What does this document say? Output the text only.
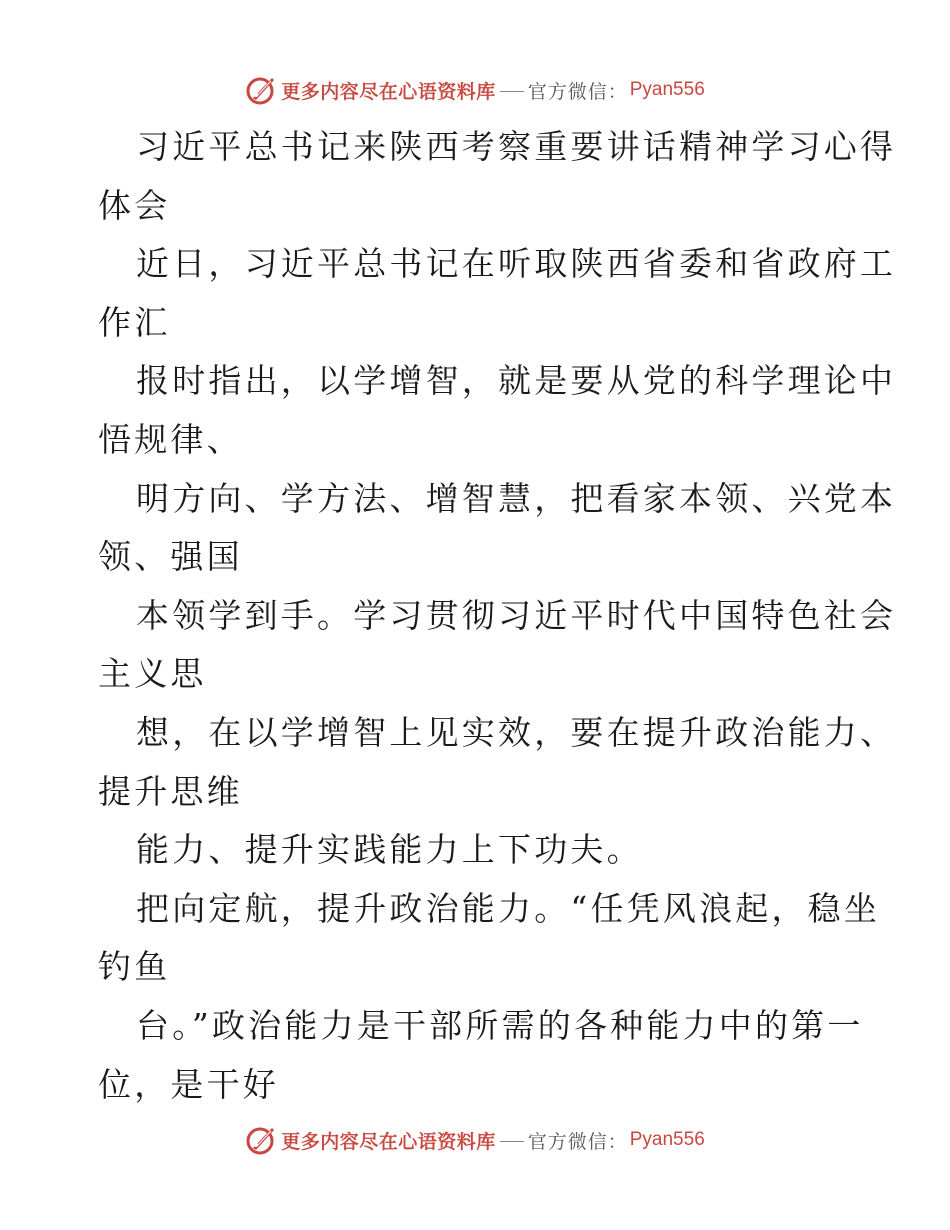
更多内容尽在心语资料库 官方微信： Pyan556
习近平总书记来陕西考察重要讲话精神学习心得
体会
近日，习近平总书记在听取陕西省委和省政府工
作汇
报时指出，以学增智，就是要从党的科学理论中
悟规律、
明方向、学方法、增智慧，把看家本领、兴党本
领、强国
本领学到手。学习贯彻习近平时代中国特色社会
主义思
想，在以学增智上见实效，要在提升政治能力、
提升思维
能力、提升实践能力上下功夫。
把向定航，提升政治能力。“任凭风浪起，稳坐
钓鱼
台。”政治能力是干部所需的各种能力中的第一
位，是干好
更多内容尽在心语资料库 官方微信： Pyan556
